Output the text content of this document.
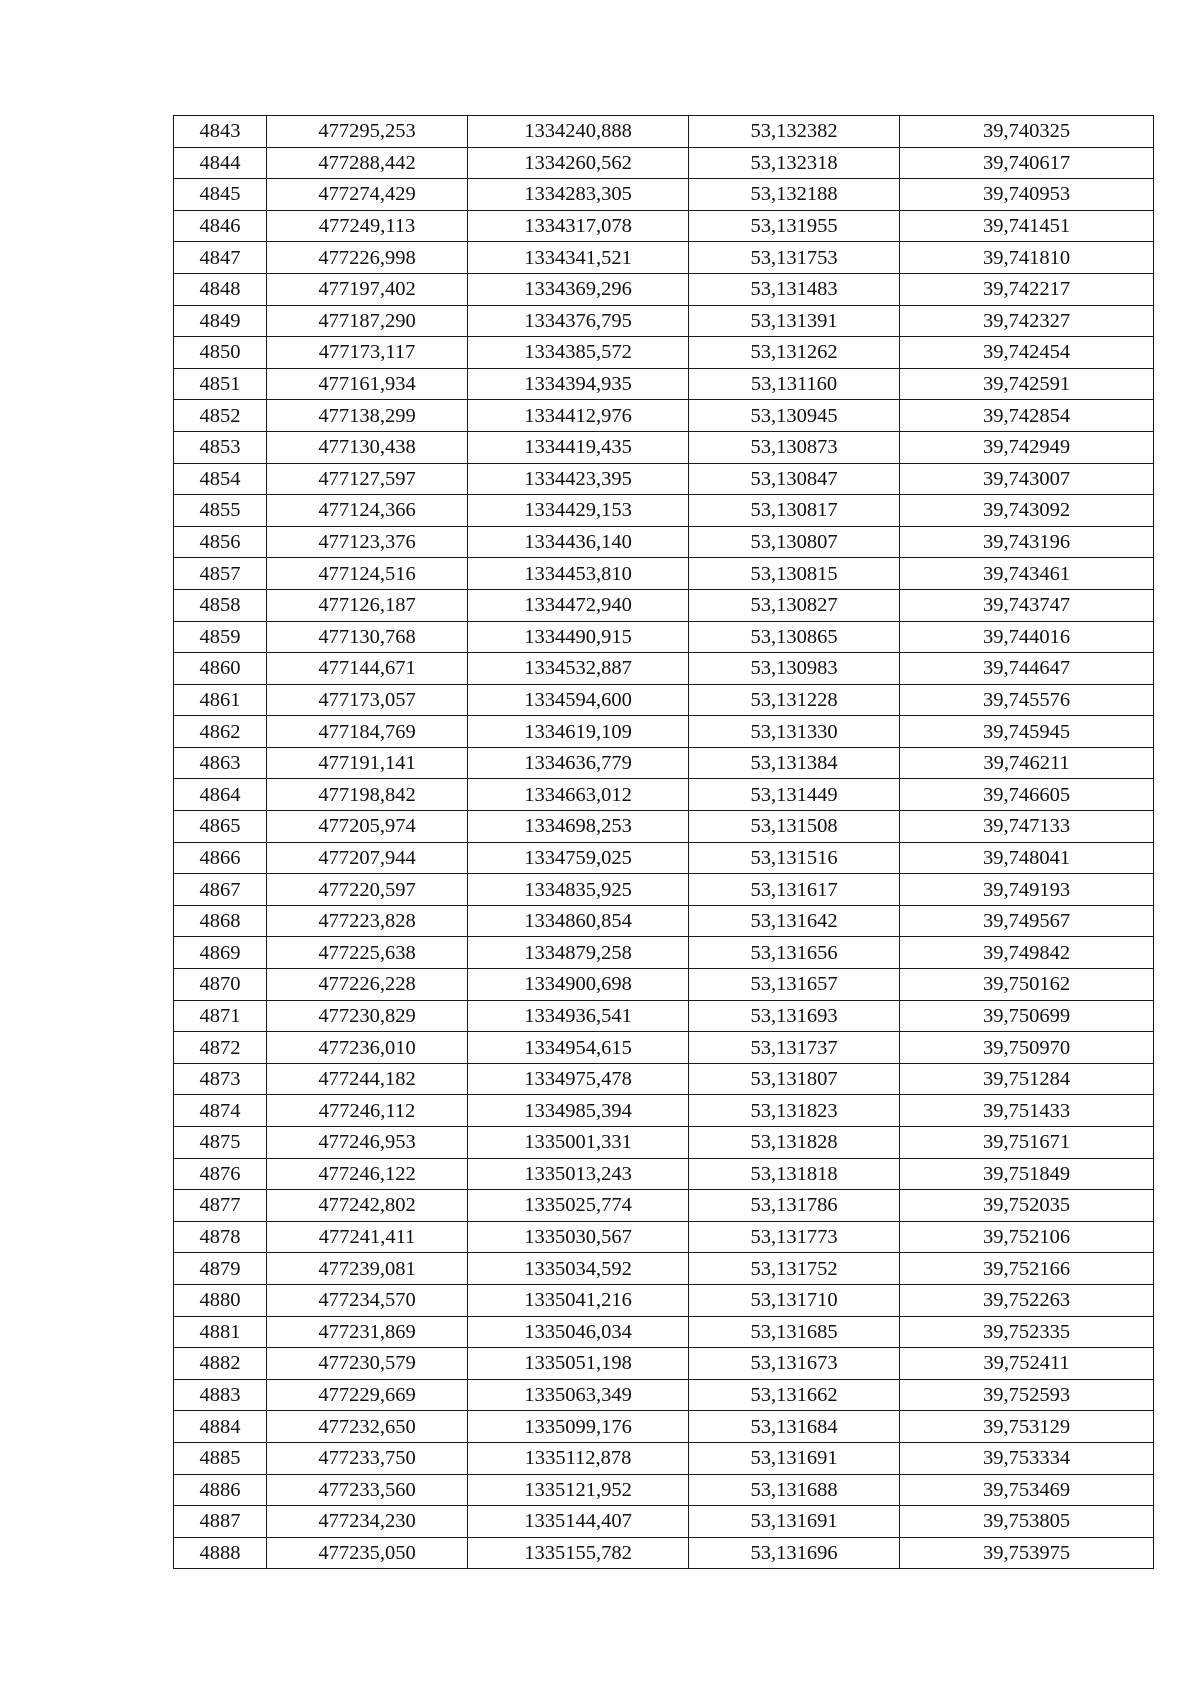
4843	477295,253	1334240,888	53,132382	39,740325
4844	477288,442	1334260,562	53,132318	39,740617
4845	477274,429	1334283,305	53,132188	39,740953
4846	477249,113	1334317,078	53,131955	39,741451
4847	477226,998	1334341,521	53,131753	39,741810
4848	477197,402	1334369,296	53,131483	39,742217
4849	477187,290	1334376,795	53,131391	39,742327
4850	477173,117	1334385,572	53,131262	39,742454
4851	477161,934	1334394,935	53,131160	39,742591
4852	477138,299	1334412,976	53,130945	39,742854
4853	477130,438	1334419,435	53,130873	39,742949
4854	477127,597	1334423,395	53,130847	39,743007
4855	477124,366	1334429,153	53,130817	39,743092
4856	477123,376	1334436,140	53,130807	39,743196
4857	477124,516	1334453,810	53,130815	39,743461
4858	477126,187	1334472,940	53,130827	39,743747
4859	477130,768	1334490,915	53,130865	39,744016
4860	477144,671	1334532,887	53,130983	39,744647
4861	477173,057	1334594,600	53,131228	39,745576
4862	477184,769	1334619,109	53,131330	39,745945
4863	477191,141	1334636,779	53,131384	39,746211
4864	477198,842	1334663,012	53,131449	39,746605
4865	477205,974	1334698,253	53,131508	39,747133
4866	477207,944	1334759,025	53,131516	39,748041
4867	477220,597	1334835,925	53,131617	39,749193
4868	477223,828	1334860,854	53,131642	39,749567
4869	477225,638	1334879,258	53,131656	39,749842
4870	477226,228	1334900,698	53,131657	39,750162
4871	477230,829	1334936,541	53,131693	39,750699
4872	477236,010	1334954,615	53,131737	39,750970
4873	477244,182	1334975,478	53,131807	39,751284
4874	477246,112	1334985,394	53,131823	39,751433
4875	477246,953	1335001,331	53,131828	39,751671
4876	477246,122	1335013,243	53,131818	39,751849
4877	477242,802	1335025,774	53,131786	39,752035
4878	477241,411	1335030,567	53,131773	39,752106
4879	477239,081	1335034,592	53,131752	39,752166
4880	477234,570	1335041,216	53,131710	39,752263
4881	477231,869	1335046,034	53,131685	39,752335
4882	477230,579	1335051,198	53,131673	39,752411
4883	477229,669	1335063,349	53,131662	39,752593
4884	477232,650	1335099,176	53,131684	39,753129
4885	477233,750	1335112,878	53,131691	39,753334
4886	477233,560	1335121,952	53,131688	39,753469
4887	477234,230	1335144,407	53,131691	39,753805
4888	477235,050	1335155,782	53,131696	39,753975
